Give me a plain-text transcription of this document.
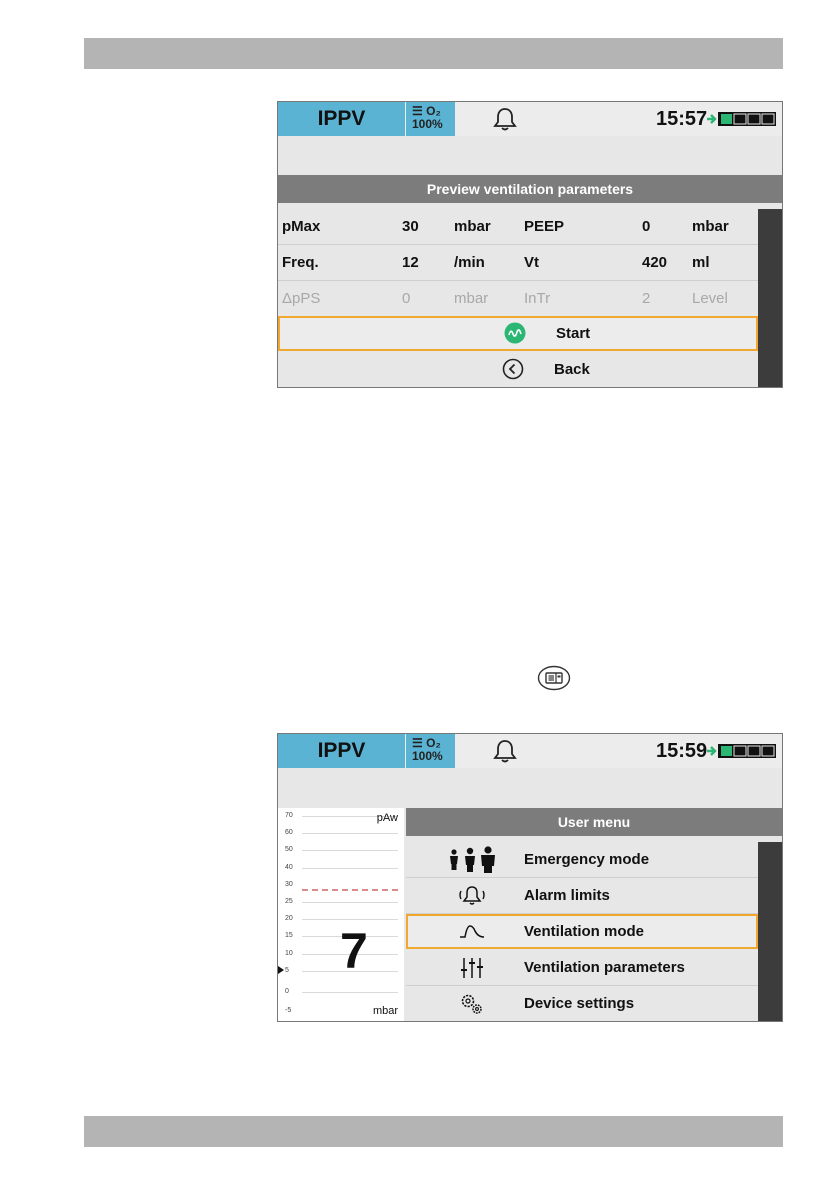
IPPV	☰ O₂
100%	15:57
Preview ventilation parameters
pMax	30 mbar PEEP	0	mbar
Freq.	12 /min	Vt	420 ml
ΔpPS	0	mbar InTr	2	Level
Start
Back
IPPV	☰ O₂
100%	15:59
70
60
50
40
30
25
20
15
10
5
0
-5
pAw
7
mbar
User menu
Emergency mode
Alarm limits
Ventilation mode
Ventilation parameters
Device settings
